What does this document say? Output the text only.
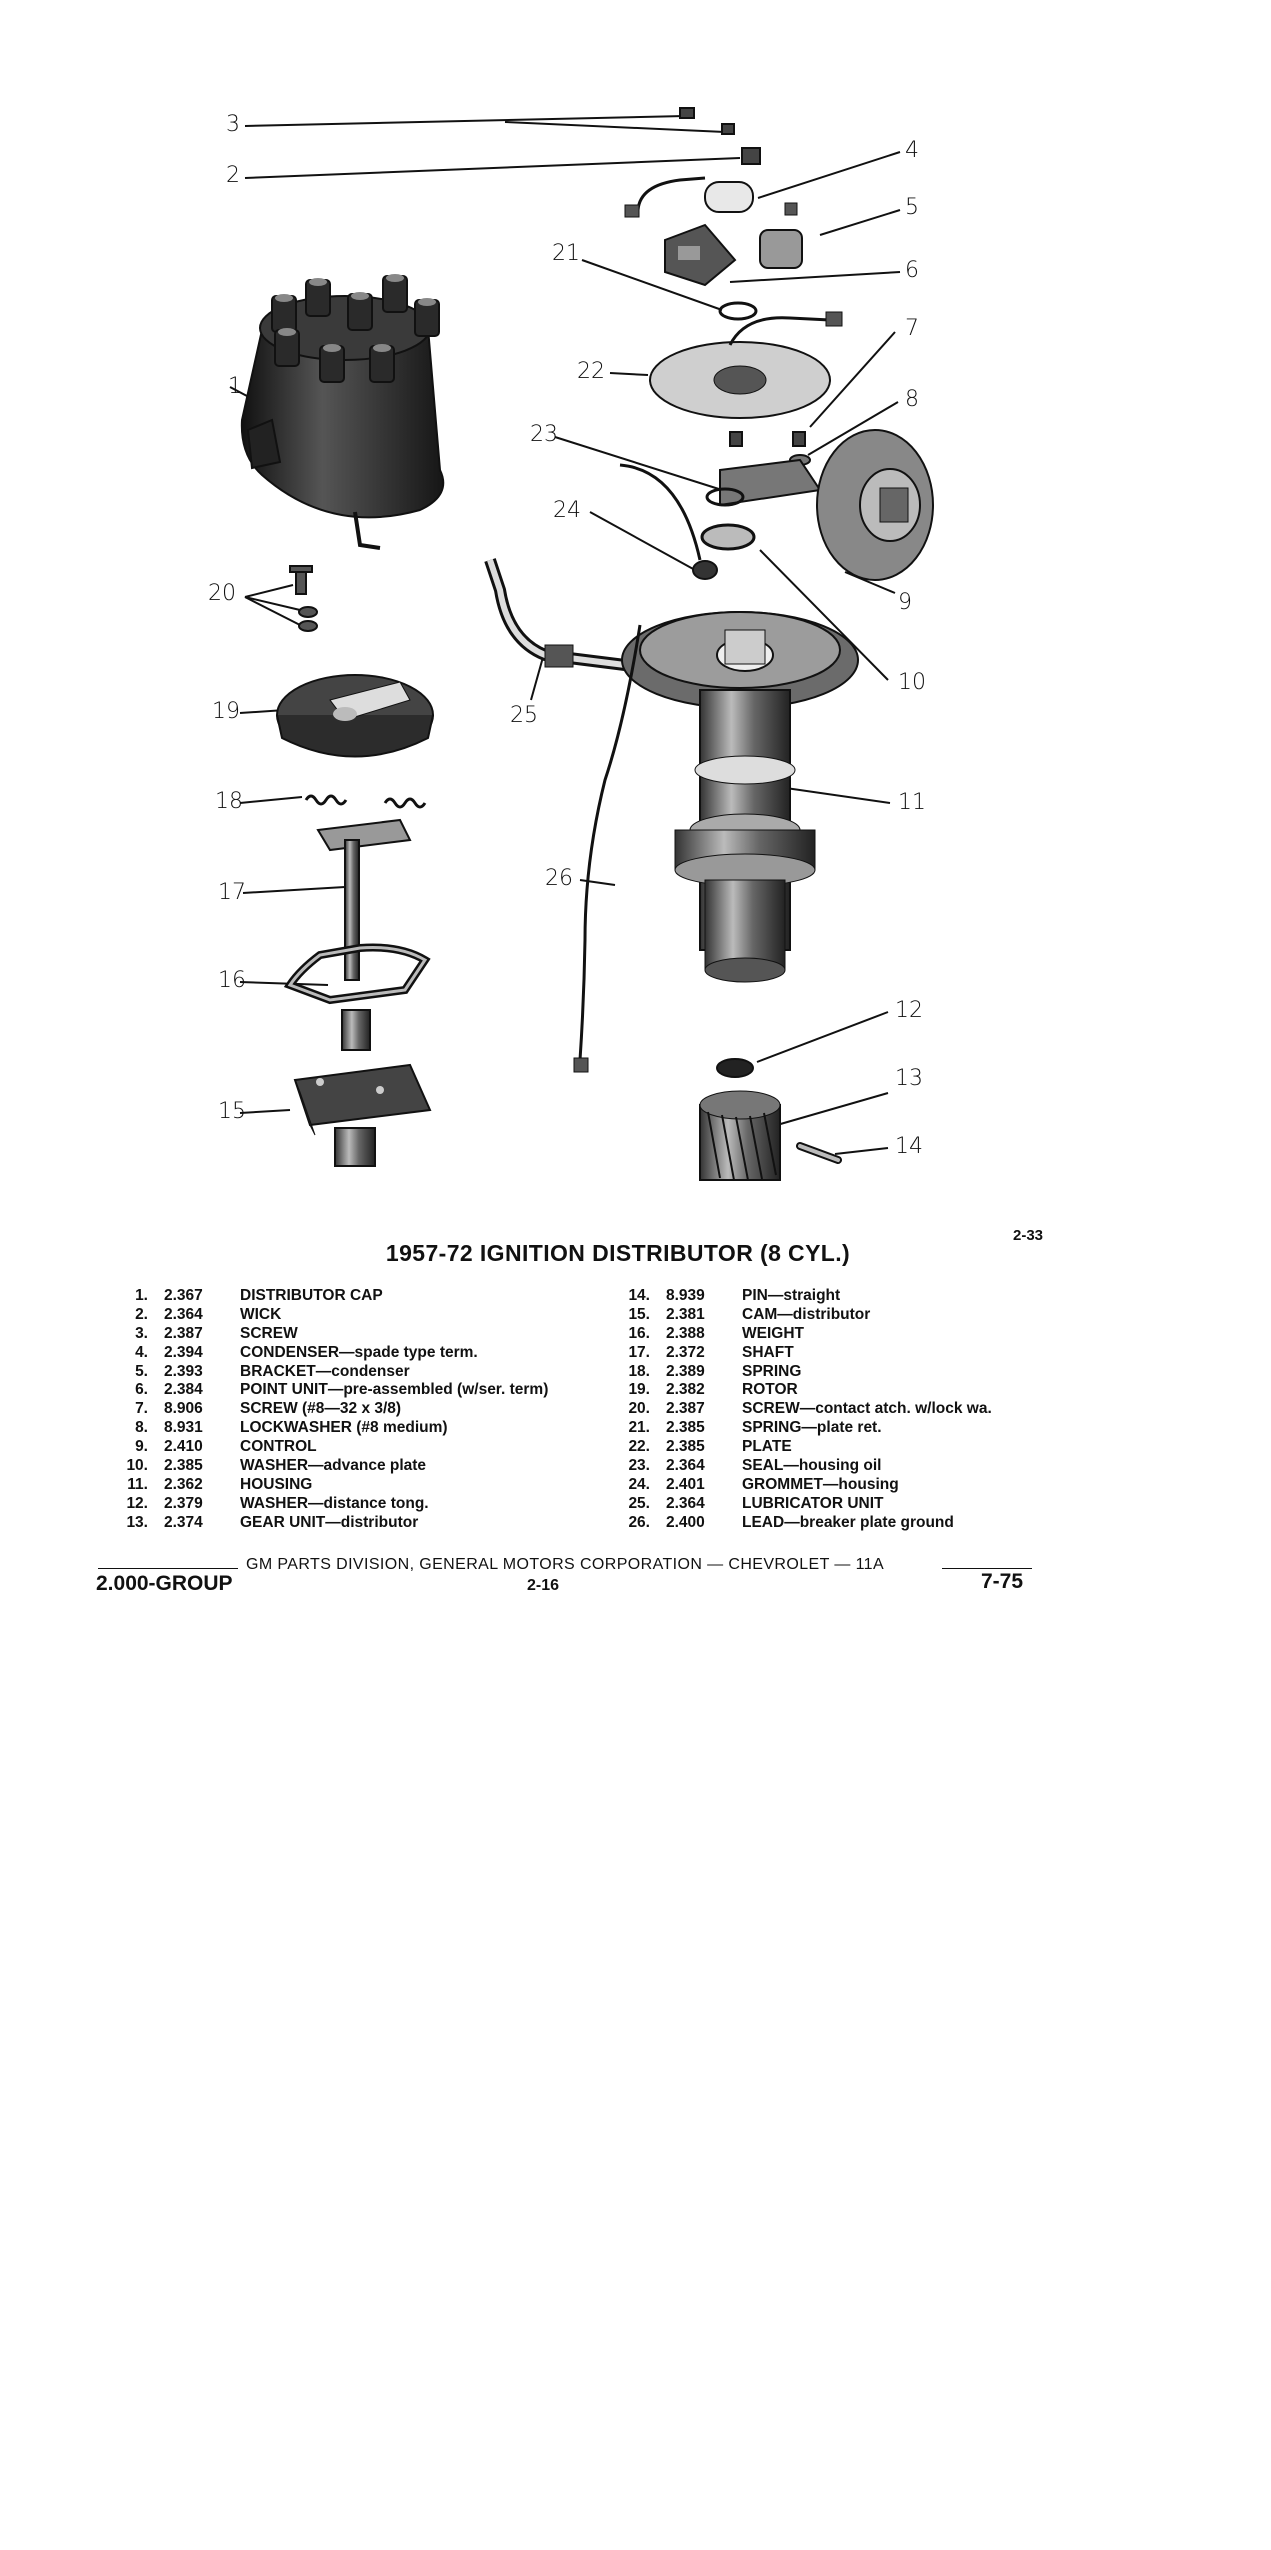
1
2
3
4
5
6
7
8
9
10
11
12
13
14
15
16
17
18
19
20
21
22
23
24
25
26
2-33
1957-72 IGNITION DISTRIBUTOR (8 CYL.)
1. 2.367 DISTRIBUTOR CAP
2. 2.364 WICK
3. 2.387 SCREW
4. 2.394 CONDENSER—spade type term.
5. 2.393 BRACKET—condenser
6. 2.384 POINT UNIT—pre-assembled (w/ser. term)
7. 8.906 SCREW (#8—32 x 3/8)
8. 8.931 LOCKWASHER (#8 medium)
9. 2.410 CONTROL
10. 2.385 WASHER—advance plate
11. 2.362 HOUSING
12. 2.379 WASHER—distance tong.
13. 2.374 GEAR UNIT—distributor
14. 8.939 PIN—straight
15. 2.381 CAM—distributor
16. 2.388 WEIGHT
17. 2.372 SHAFT
18. 2.389 SPRING
19. 2.382 ROTOR
20. 2.387 SCREW—contact atch. w/lock wa.
21. 2.385 SPRING—plate ret.
22. 2.385 PLATE
23. 2.364 SEAL—housing oil
24. 2.401 GROMMET—housing
25. 2.364 LUBRICATOR UNIT
26. 2.400 LEAD—breaker plate ground
GM PARTS DIVISION, GENERAL MOTORS CORPORATION — CHEVROLET — 11A
2.000-GROUP	2-16	7-75
